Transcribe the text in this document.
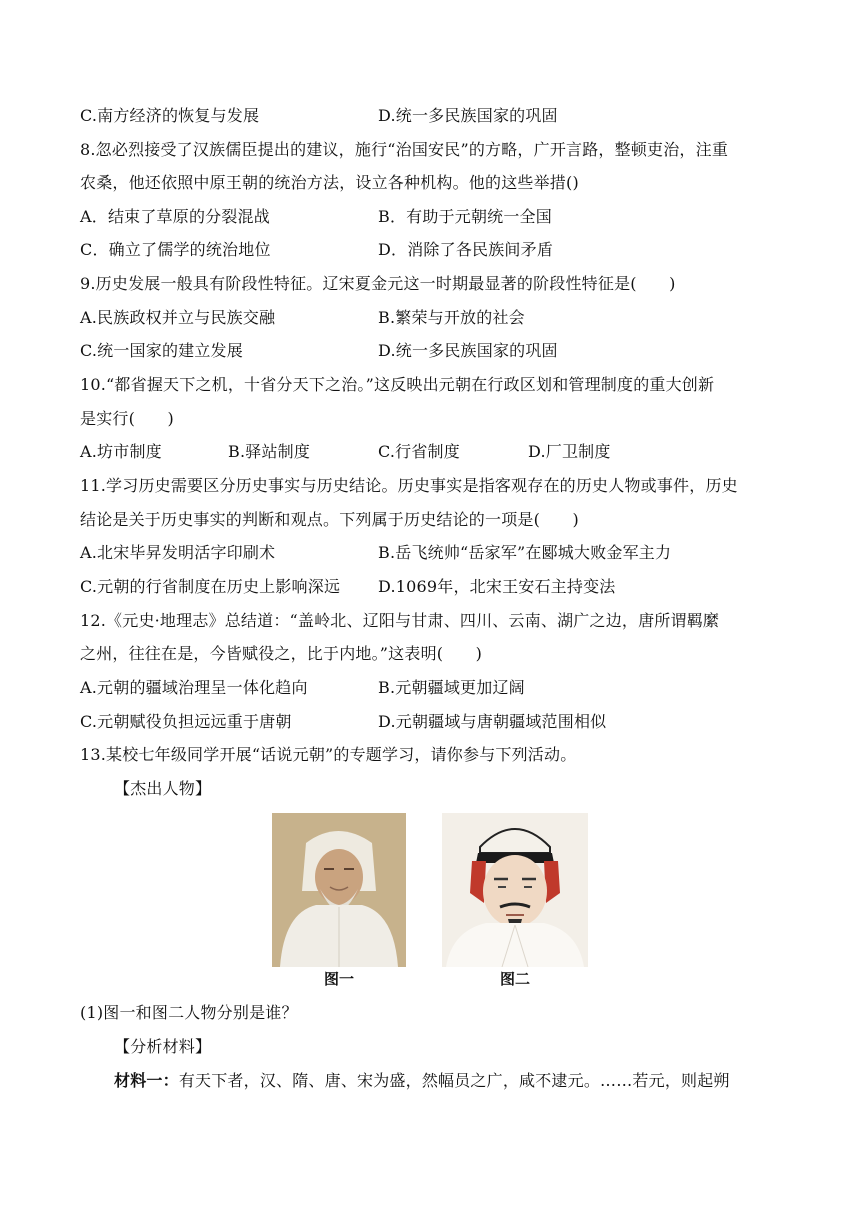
C.南方经济的恢复与发展	D.统一多民族国家的巩固
8.忽必烈接受了汉族儒臣提出的建议，施行“治国安民”的方略，广开言路，整顿吏治，注重
农桑，他还依照中原王朝的统治方法，设立各种机构。他的这些举措()
A．结束了草原的分裂混战	B．有助于元朝统一全国
C．确立了儒学的统治地位	D．消除了各民族间矛盾
9.历史发展一般具有阶段性特征。辽宋夏金元这一时期最显著的阶段性特征是(　　)
A.民族政权并立与民族交融	B.繁荣与开放的社会
C.统一国家的建立发展	D.统一多民族国家的巩固
10.“都省握天下之机，十省分天下之治。”这反映出元朝在行政区划和管理制度的重大创新
是实行(　　)
A.坊市制度	B.驿站制度	C.行省制度	D.厂卫制度
11.学习历史需要区分历史事实与历史结论。历史事实是指客观存在的历史人物或事件，历史
结论是关于历史事实的判断和观点。下列属于历史结论的一项是(　　)
A.北宋毕昇发明活字印刷术	B.岳飞统帅“岳家军”在郾城大败金军主力
C.元朝的行省制度在历史上影响深远 D.1069年，北宋王安石主持变法
12.《元史·地理志》总结道：“盖岭北、辽阳与甘肃、四川、云南、湖广之边，唐所谓羁縻
之州，往往在是，今皆赋役之，比于内地。”这表明(　　)
A.元朝的疆域治理呈一体化趋向	B.元朝疆域更加辽阔
C.元朝赋役负担远远重于唐朝	D.元朝疆域与唐朝疆域范围相似
13.某校七年级同学开展“话说元朝”的专题学习，请你参与下列活动。
【杰出人物】
图一	图二
(1)图一和图二人物分别是谁？
【分析材料】
材料一：有天下者，汉、隋、唐、宋为盛，然幅员之广，咸不逮元。……若元，则起朔
